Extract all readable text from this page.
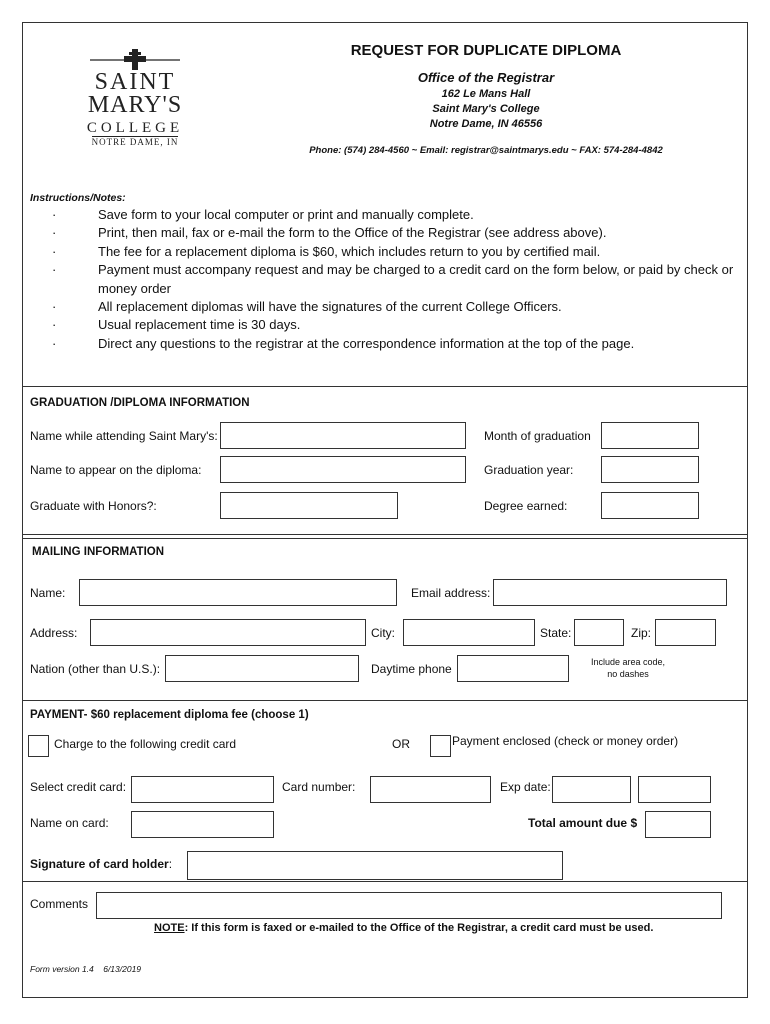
SAINT
MARY'S
COLLEGE
NOTRE DAME, IN
REQUEST FOR DUPLICATE DIPLOMA
Office of the Registrar
162 Le Mans Hall
Saint Mary's College
Notre Dame, IN 46556
Phone: (574) 284-4560 ~ Email: registrar@saintmarys.edu ~ FAX: 574-284-4842
Instructions/Notes:
·	Save form to your local computer or print and manually complete.
·	Print, then mail, fax or e-mail the form to the Office of the Registrar (see address above).
·	The fee for a replacement diploma is $60, which includes return to you by certified mail.
·	Payment must accompany request and may be charged to a credit card on the form below, or paid by check or money order
·	All replacement diplomas will have the signatures of the current College Officers.
·	Usual replacement time is 30 days.
·	Direct any questions to the registrar at the correspondence information at the top of the page.
GRADUATION /DIPLOMA INFORMATION
Name while attending Saint Mary's:	Month of graduation
Name to appear on the diploma:	Graduation year:
Graduate with Honors?:	Degree earned:
MAILING INFORMATION
Name:	Email address:
Address:	City:	State:	Zip:
Nation (other than U.S.):	Daytime phone	Include area code,
no dashes
PAYMENT- $60 replacement diploma fee (choose 1)
Charge to the following credit card	OR	Payment enclosed (check or money order)
Select credit card:	Card number:	Exp date:
Name on card:	Total amount due $
Signature of card holder:
Comments
NOTE: If this form is faxed or e-mailed to the Office of the Registrar, a credit card must be used.
Form version 1.4    6/13/2019
